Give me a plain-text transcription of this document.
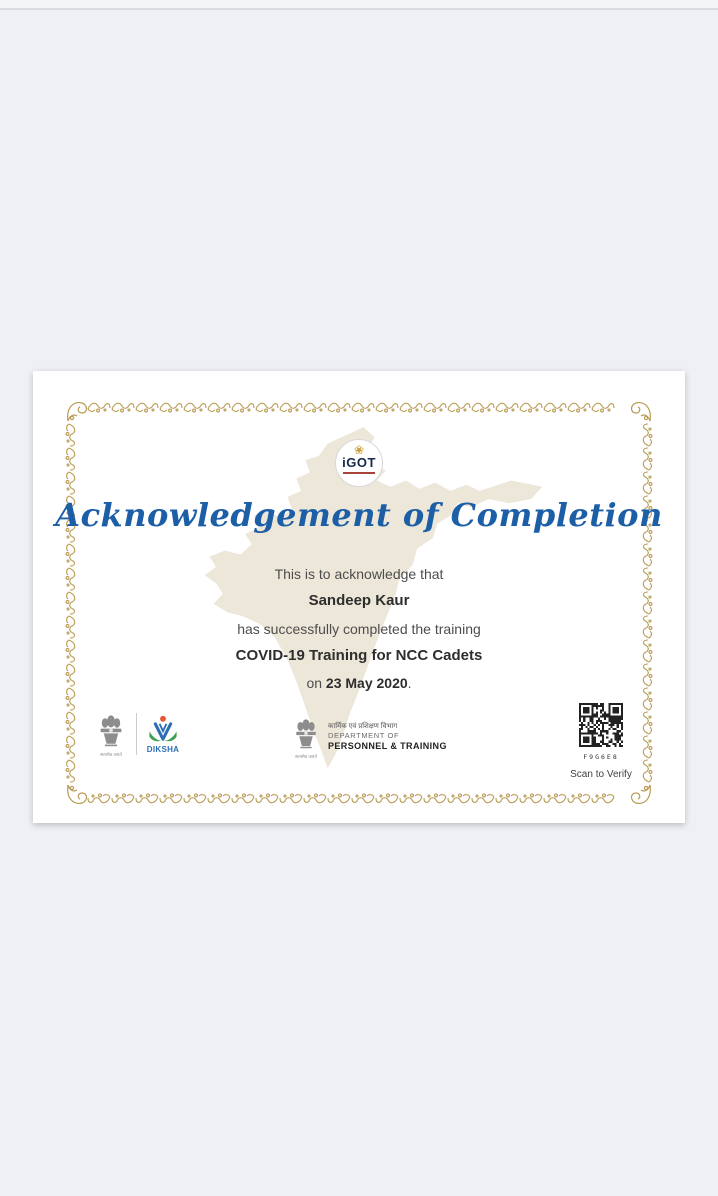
❀
iGOT
Acknowledgement of Completion
This is to acknowledge that
Sandeep Kaur
has successfully completed the training
COVID-19 Training for NCC Cadets
on 23 May 2020.
सत्यमेव जयते
DIKSHA
सत्यमेव जयते
कार्मिक एवं प्रशिक्षण विभाग
DEPARTMENT OF
PERSONNEL & TRAINING
F9G6E8
Scan to Verify
